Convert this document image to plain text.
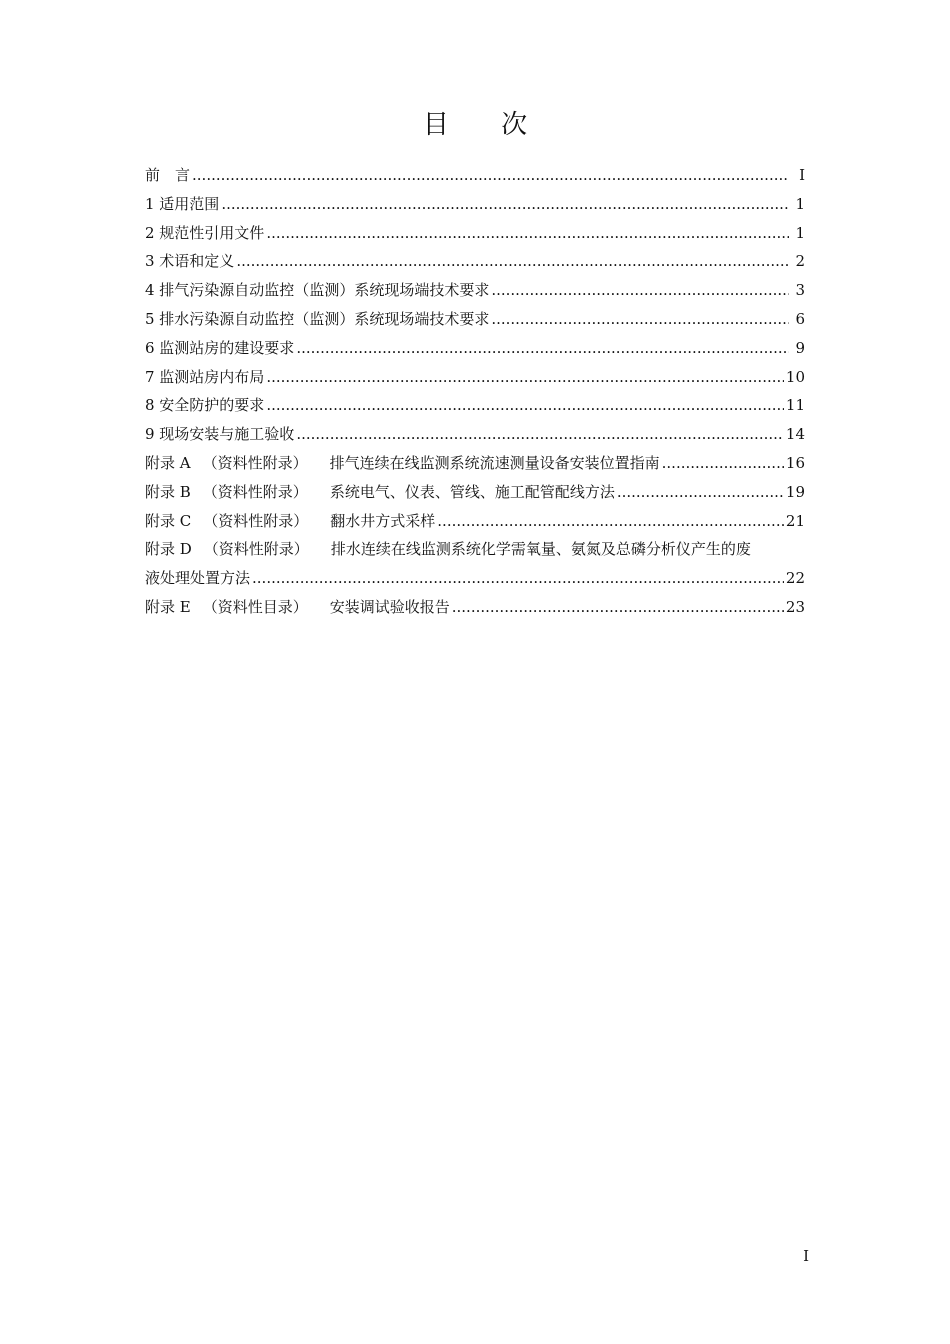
目 次
前　言 .....	I
1 适用范围 .....	1
2 规范性引用文件 .....	1
3 术语和定义 .....	2
4 排气污染源自动监控（监测）系统现场端技术要求 .....	3
5 排水污染源自动监控（监测）系统现场端技术要求 .....	6
6 监测站房的建设要求 .....	9
7 监测站房内布局 .....	10
8 安全防护的要求 .....	11
9 现场安装与施工验收 .....	14
附录 A （资料性附录） 排气连续在线监测系统流速测量设备安装位置指南 .....	16
附录 B （资料性附录） 系统电气、仪表、管线、施工配管配线方法 .....	19
附录 C （资料性附录） 翻水井方式采样 .....	21
附录 D （资料性附录） 排水连续在线监测系统化学需氧量、氨氮及总磷分析仪产生的废
液处理处置方法 .....	22
附录 E （资料性目录） 安装调试验收报告 .....	23
I
